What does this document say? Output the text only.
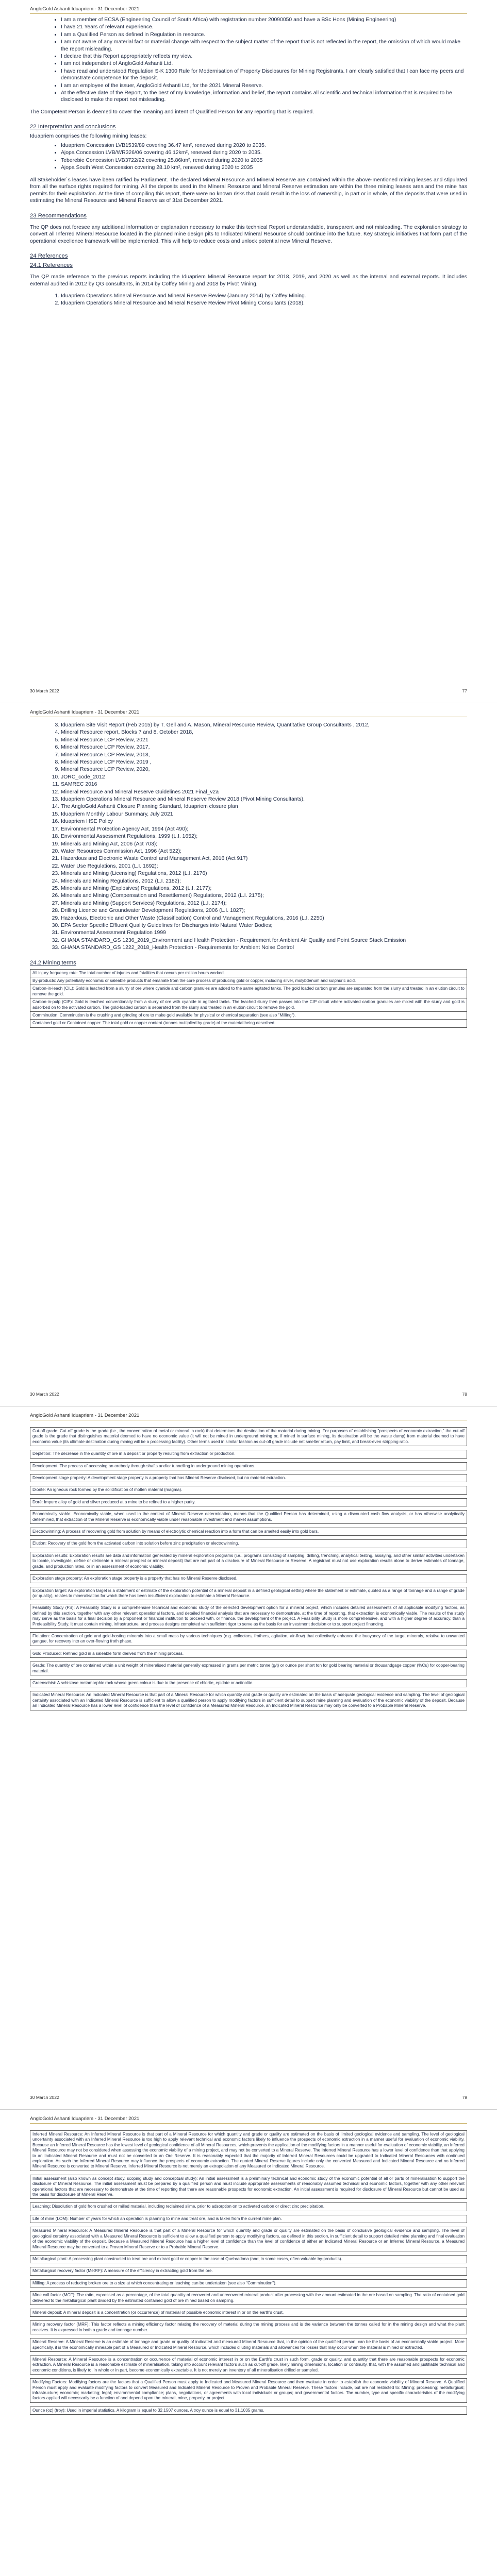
AngloGold Ashanti Iduapriem - 31 December 2021
• I am a member of ECSA (Engineering Council of South Africa) with registration number 20090050 and have a BSc Hons (Mining Engineering)
• I have 21 Years of relevant experience.
• I am a Qualified Person as defined in Regulation in resource.
• I am not aware of any material fact or material change with respect to the subject matter of the report that is not reflected in the report, the omission of which would make the report misleading.
• I declare that this Report appropriately reflects my view.
• I am not independent of AngloGold Ashanti Ltd.
• I have read and understood Regulation S-K 1300 Rule for Modernisation of Property Disclosures for Mining Registrants. I am clearly satisfied that I can face my peers and demonstrate competence for the deposit.
• I am an employee of the issuer, AngloGold Ashanti Ltd, for the 2021 Mineral Reserve.
• At the effective date of the Report, to the best of my knowledge, information and belief, the report contains all scientific and technical information that is required to be disclosed to make the report not misleading.

The Competent Person is deemed to cover the meaning and intent of Qualified Person for any reporting that is required.

22 Interpretation and conclusions

Iduapriem comprises the following mining leases:

• Iduapriem Concession LVB1539/89 covering 36.47 km², renewed during 2020 to 2035.
• Ajopa Concession LVB/WR326/06 covering 46.12km², renewed during 2020 to 2035.
• Teberebie Concession LVB3722/92 covering 25.86km², renewed during 2020 to 2035
• Ajopa South West Concession covering 28.10 km², renewed during 2020 to 2035

All Stakeholder`s leases have been ratified by Parliament. The declared Mineral Resource and Mineral Reserve are contained within the above-mentioned mining leases and stipulated from all the surface rights required for mining. All the deposits used in the Mineral Resource and Mineral Reserve estimation are within the three mining leases area and the mine has permits for their exploitation. At the time of compiling this report, there were no known risks that could result in the loss of ownership, in part or in whole, of the deposits that were used in estimating the Mineral Resource and Mineral Reserve as of 31st December 2021.

23 Recommendations

The QP does not foresee any additional information or explanation necessary to make this technical Report understandable, transparent and not misleading. The exploration strategy to convert all Inferred Mineral Resource located in the planned mine design pits to Indicated Mineral Resource should continue into the future. Key strategic initiatives that form part of the operational excellence framework will be implemented. This will help to reduce costs and unlock potential new Mineral Reserve.

24 References
24.1 References

The QP made reference to the previous reports including the Iduapriem Mineral Resource report for 2018, 2019, and 2020 as well as the internal and external reports. It includes external audited in 2012 by QG consultants, in 2014 by Coffey Mining and 2018 by Pivot Mining.

1. Iduapriem Operations Mineral Resource and Mineral Reserve Review (January 2014) by Coffey Mining.
2. Iduapriem Operations Mineral Resource and Mineral Reserve Review Pivot Mining Consultants (2018).
30 March 2022	77
AngloGold Ashanti Iduapriem - 31 December 2021
3. Iduapriem Site Visit Report (Feb 2015) by T. Gell and A. Mason, Mineral Resource Review, Quantitative Group Consultants , 2012,
4. Mineral Resource report, Blocks 7 and 8, October 2018,
5. Mineral Resource LCP Review, 2021
6. Mineral Resource LCP Review, 2017,
7. Mineral Resource LCP Review, 2018,
8. Mineral Resource LCP Review, 2019 ,
9. Mineral Resource LCP Review, 2020,
10. JORC_code_2012
11. SAMREC 2016
12. Mineral Resource and Mineral Reserve Guidelines 2021 Final_v2a
13. Iduapriem Operations Mineral Resource and Mineral Reserve Review 2018 (Pivot Mining Consultants),
14. The AngloGold Ashanti Closure Planning Standard, Iduapriem closure plan
15. Iduapriem Monthly Labour Summary, July 2021
16. Iduapriem HSE Policy
17. Environmental Protection Agency Act, 1994 (Act 490);
18. Environmental Assessment Regulations, 1999 (L.I. 1652);
19. Minerals and Mining Act, 2006 (Act 703);
20. Water Resources Commission Act, 1996 (Act 522);
21. Hazardous and Electronic Waste Control and Management Act, 2016 (Act 917)
22. Water Use Regulations, 2001 (L.I. 1692);
23. Minerals and Mining (Licensing) Regulations, 2012 (L.I. 2176)
24. Minerals and Mining Regulations, 2012 (L.I. 2182);
25. Minerals and Mining (Explosives) Regulations, 2012 (L.I. 2177);
26. Minerals and Mining (Compensation and Resettlement) Regulations, 2012 (L.I. 2175);
27. Minerals and Mining (Support Services) Regulations, 2012 (L.I. 2174);
28. Drilling Licence and Groundwater Development Regulations, 2006 (L.I. 1827);
29. Hazardous, Electronic and Other Waste (Classification) Control and Management Regulations, 2016 (L.I. 2250)
30. EPA Sector Specific Effluent Quality Guidelines for Discharges into Natural Water Bodies;
31. Environmental Assessment Regulation 1999
32. GHANA STANDARD_GS 1236_2019_Environment and Health Protection - Requirement for Ambient Air Quality and Point Source Stack Emission
33. GHANA STANDARD_GS 1222_2018_Health Protection - Requirements for Ambient Noise Control
24.2 Mining terms
All injury frequency rate: The total number of injuries and fatalities that occurs per million hours worked.
By-products: Any potentially economic or saleable products that emanate from the core process of producing gold or copper, including silver, molybdenum and sulphuric acid.
Carbon-in-leach (CIL): Gold is leached from a slurry of ore where cyanide and carbon granules are added to the same agitated tanks. The gold loaded carbon granules are separated from the slurry and treated in an elution circuit to remove the gold.
Carbon-in-pulp (CIP): Gold is leached conventionally from a slurry of ore with cyanide in agitated tanks. The leached slurry then passes into the CIP circuit where activated carbon granules are mixed with the slurry and gold is adsorbed on to the activated carbon. The gold-loaded carbon is separated from the slurry and treated in an elution circuit to remove the gold.
Comminution: Comminution is the crushing and grinding of ore to make gold available for physical or chemical separation (see also "Milling").
Contained gold or Contained copper: The total gold or copper content (tonnes multiplied by grade) of the material being described.
30 March 2022	78
AngloGold Ashanti Iduapriem - 31 December 2021
Cut-off grade: Cut-off grade is the grade (i.e., the concentration of metal or mineral in rock) that determines the destination of the material during mining. For purposes of establishing "prospects of economic extraction," the cut-off grade is the grade that distinguishes material deemed to have no economic value (it will not be mined in underground mining or, if mined in surface mining, its destination will be the waste dump) from material deemed to have economic value (its ultimate destination during mining will be a processing facility). Other terms used in similar fashion as cut-off grade include net smelter return, pay limit, and break-even stripping ratio.
Depletion: The decrease in the quantity of ore in a deposit or property resulting from extraction or production.
Development: The process of accessing an orebody through shafts and/or tunnelling in underground mining operations.
Development stage property: A development stage property is a property that has Mineral Reserve disclosed, but no material extraction.
Diorite: An igneous rock formed by the solidification of molten material (magma).
Doré: Impure alloy of gold and silver produced at a mine to be refined to a higher purity.
Economically viable: Economically viable, when used in the context of Mineral Reserve determination, means that the Qualified Person has determined, using a discounted cash flow analysis, or has otherwise analytically determined, that extraction of the Mineral Reserve is economically viable under reasonable investment and market assumptions.
Electrowinning: A process of recovering gold from solution by means of electrolytic chemical reaction into a form that can be smelted easily into gold bars.
Elution: Recovery of the gold from the activated carbon into solution before zinc precipitation or electrowinning.
Exploration results: Exploration results are data and information generated by mineral exploration programs (i.e., programs consisting of sampling, drilling, trenching, analytical testing, assaying, and other similar activities undertaken to locate, investigate, define or delineate a mineral prospect or mineral deposit) that are not part of a disclosure of Mineral Resource or Reserve. A registrant must not use exploration results alone to derive estimates of tonnage, grade, and production rates, or in an assessment of economic viability.
Exploration stage property: An exploration stage property is a property that has no Mineral Reserve disclosed.
Exploration target: An exploration target is a statement or estimate of the exploration potential of a mineral deposit in a defined geological setting where the statement or estimate, quoted as a range of tonnage and a range of grade (or quality), relates to mineralisation for which there has been insufficient exploration to estimate a Mineral Resource.
Feasibility Study (FS): A Feasibility Study is a comprehensive technical and economic study of the selected development option for a mineral project, which includes detailed assessments of all applicable modifying factors, as defined by this section, together with any other relevant operational factors, and detailed financial analysis that are necessary to demonstrate, at the time of reporting, that extraction is economically viable. The results of the study may serve as the basis for a final decision by a proponent or financial institution to proceed with, or finance, the development of the project. A Feasibility Study is more comprehensive, and with a higher degree of accuracy, than a Prefeasibility Study. It must contain mining, infrastructure, and process designs completed with sufficient rigor to serve as the basis for an investment decision or to support project financing.
Flotation: Concentration of gold and gold-hosting minerals into a small mass by various techniques (e.g. collectors, frothers, agitation, air-flow) that collectively enhance the buoyancy of the target minerals, relative to unwanted gangue, for recovery into an over-flowing froth phase.
Gold Produced: Refined gold in a saleable form derived from the mining process.
Grade: The quantity of ore contained within a unit weight of mineralised material generally expressed in grams per metric tonne (g/t) or ounce per short ton for gold bearing material or thousandgage copper (%Cu) for copper-bearing material.
Greenschist: A schistose metamorphic rock whose green colour is due to the presence of chlorite, epidote or actinolite.
Indicated Mineral Resource: An Indicated Mineral Resource is that part of a Mineral Resource for which quantity and grade or quality are estimated on the basis of adequate geological evidence and sampling. The level of geological certainty associated with an Indicated Mineral Resource is sufficient to allow a qualified person to apply modifying factors in sufficient detail to support mine planning and evaluation of the economic viability of the deposit. Because an Indicated Mineral Resource has a lower level of confidence than the level of confidence of a Measured Mineral Resource, an Indicated Mineral Resource may only be converted to a Probable Mineral Reserve.
30 March 2022	79
AngloGold Ashanti Iduapriem - 31 December 2021
Inferred Mineral Resource: An Inferred Mineral Resource is that part of a Mineral Resource for which quantity and grade or quality are estimated on the basis of limited geological evidence and sampling. The level of geological uncertainty associated with an Inferred Mineral Resource is too high to apply relevant technical and economic factors likely to influence the prospects of economic extraction in a manner useful for evaluation of economic viability. Because an Inferred Mineral Resource has the lowest level of geological confidence of all Mineral Resources, which prevents the application of the modifying factors in a manner useful for evaluation of economic viability, an Inferred Mineral Resource may not be considered when assessing the economic viability of a mining project, and may not be converted to a Mineral Reserve. The Inferred Mineral Resource has a lower level of confidence than that applying to an Indicated Mineral Resource and must not be converted to an Ore Reserve. It is reasonably expected that the majority of Inferred Mineral Resources could be upgraded to Indicated Mineral Resources with continued exploration. As such the Inferred Mineral Resource may influence the prospects of economic extraction. The quoted Mineral Reserve figures include only the converted Measured and Indicated Mineral Resource and no Inferred Mineral Resource is converted to Mineral Reserve. Inferred Mineral Resource is not merely an extrapolation of any Measured or Indicated Mineral Resource.
Initial assessment (also known as concept study, scoping study and conceptual study): An initial assessment is a preliminary technical and economic study of the economic potential of all or parts of mineralisation to support the disclosure of Mineral Resource. The initial assessment must be prepared by a qualified person and must include appropriate assessments of reasonably assumed technical and economic factors, together with any other relevant operational factors that are necessary to demonstrate at the time of reporting that there are reasonable prospects for economic extraction. An initial assessment is required for disclosure of Mineral Resource but cannot be used as the basis for disclosure of Mineral Reserve.
Leaching: Dissolution of gold from crushed or milled material, including reclaimed slime, prior to adsorption on to activated carbon or direct zinc precipitation.
Life of mine (LOM): Number of years for which an operation is planning to mine and treat ore, and is taken from the current mine plan.
Measured Mineral Resource: A Measured Mineral Resource is that part of a Mineral Resource for which quantity and grade or quality are estimated on the basis of conclusive geological evidence and sampling. The level of geological certainty associated with a Measured Mineral Resource is sufficient to allow a qualified person to apply modifying factors, as defined in this section, in sufficient detail to support detailed mine planning and final evaluation of the economic viability of the deposit. Because a Measured Mineral Resource has a higher level of confidence than the level of confidence of either an Indicated Mineral Resource or an Inferred Mineral Resource, a Measured Mineral Resource may be converted to a Proven Mineral Reserve or to a Probable Mineral Reserve.
Metallurgical plant: A processing plant constructed to treat ore and extract gold or copper in the case of Quebradona (and, in some cases, often valuable by-products).
Metallurgical recovery factor (MetRF): A measure of the efficiency in extracting gold from the ore.
Milling: A process of reducing broken ore to a size at which concentrating or leaching can be undertaken (see also "Comminution").
Mine call factor (MCF): The ratio, expressed as a percentage, of the total quantity of recovered and unrecovered mineral product after processing with the amount estimated in the ore based on sampling. The ratio of contained gold delivered to the metallurgical plant divided by the estimated contained gold of ore mined based on sampling.
Mineral deposit: A mineral deposit is a concentration (or occurrence) of material of possible economic interest in or on the earth's crust.
Mining recovery factor (MRF): This factor reflects a mining efficiency factor relating the recovery of material during the mining process and is the variance between the tonnes called for in the mining design and what the plant receives. It is expressed in both a grade and tonnage number.
Mineral Reserve: A Mineral Reserve is an estimate of tonnage and grade or quality of indicated and measured Mineral Resource that, in the opinion of the qualified person, can be the basis of an economically viable project. More specifically, it is the economically mineable part of a Measured or Indicated Mineral Resource, which includes diluting materials and allowances for losses that may occur when the material is mined or extracted.
Mineral Resource: A Mineral Resource is a concentration or occurrence of material of economic interest in or on the Earth's crust in such form, grade or quality, and quantity that there are reasonable prospects for economic extraction. A Mineral Resource is a reasonable estimate of mineralisation, taking into account relevant factors such as cut-off grade, likely mining dimensions, location or continuity, that, with the assumed and justifiable technical and economic conditions, is likely to, in whole or in part, become economically extractable. It is not merely an inventory of all mineralisation drilled or sampled.
Modifying Factors: Modifying factors are the factors that a Qualified Person must apply to Indicated and Measured Mineral Resource and then evaluate in order to establish the economic viability of Mineral Reserve. A Qualified Person must apply and evaluate modifying factors to convert Measured and Indicated Mineral Resource to Proven and Probable Mineral Reserve. These factors include, but are not restricted to: Mining; processing; metallurgical; infrastructure; economic; marketing; legal; environmental compliance; plans, negotiations, or agreements with local individuals or groups; and governmental factors. The number, type and specific characteristics of the modifying factors applied will necessarily be a function of and depend upon the mineral, mine, property, or project.
Ounce (oz) (troy): Used in imperial statistics. A kilogram is equal to 32.1507 ounces. A troy ounce is equal to 31.1035 grams.
